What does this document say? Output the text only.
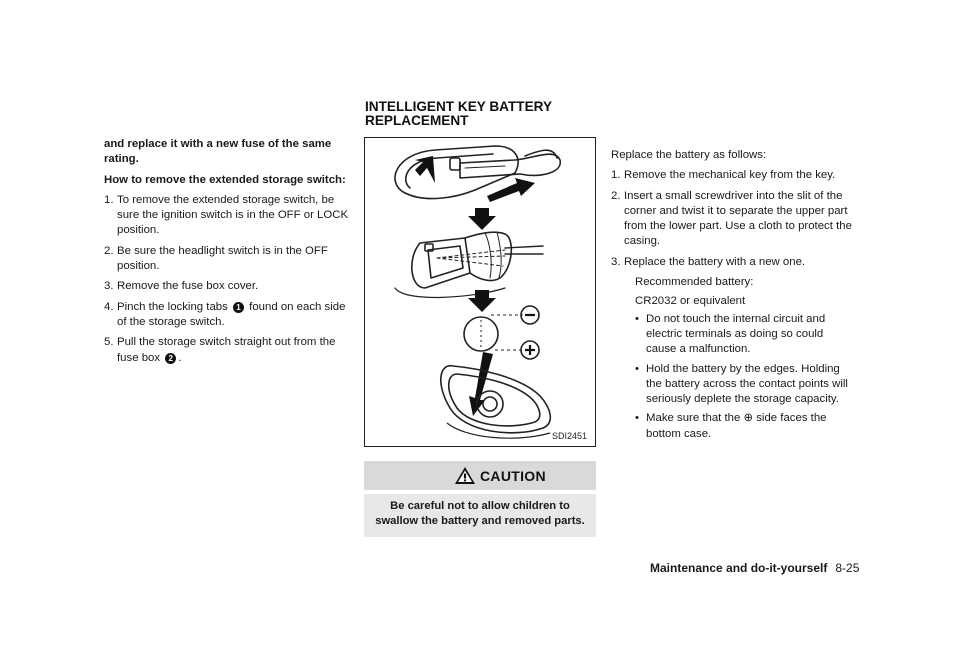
INTELLIGENT KEY BATTERY
REPLACEMENT
and replace it with a new fuse of the same rating.
How to remove the extended storage switch:
1. To remove the extended storage switch, be sure the ignition switch is in the OFF or LOCK position.
2. Be sure the headlight switch is in the OFF position.
3. Remove the fuse box cover.
4. Pinch the locking tabs 1 found on each side of the storage switch.
5. Pull the storage switch straight out from the fuse box 2 .
SDI2451
CAUTION
Be careful not to allow children to
swallow the battery and removed parts.
Replace the battery as follows:
1. Remove the mechanical key from the key.
2. Insert a small screwdriver into the slit of the corner and twist it to separate the upper part from the lower part. Use a cloth to protect the casing.
3. Replace the battery with a new one.
Recommended battery:
CR2032 or equivalent
• Do not touch the internal circuit and electric terminals as doing so could cause a malfunction.
• Hold the battery by the edges. Holding the battery across the contact points will seriously deplete the storage capacity.
• Make sure that the ⊕ side faces the bottom case.
Maintenance and do-it-yourself 8-25
